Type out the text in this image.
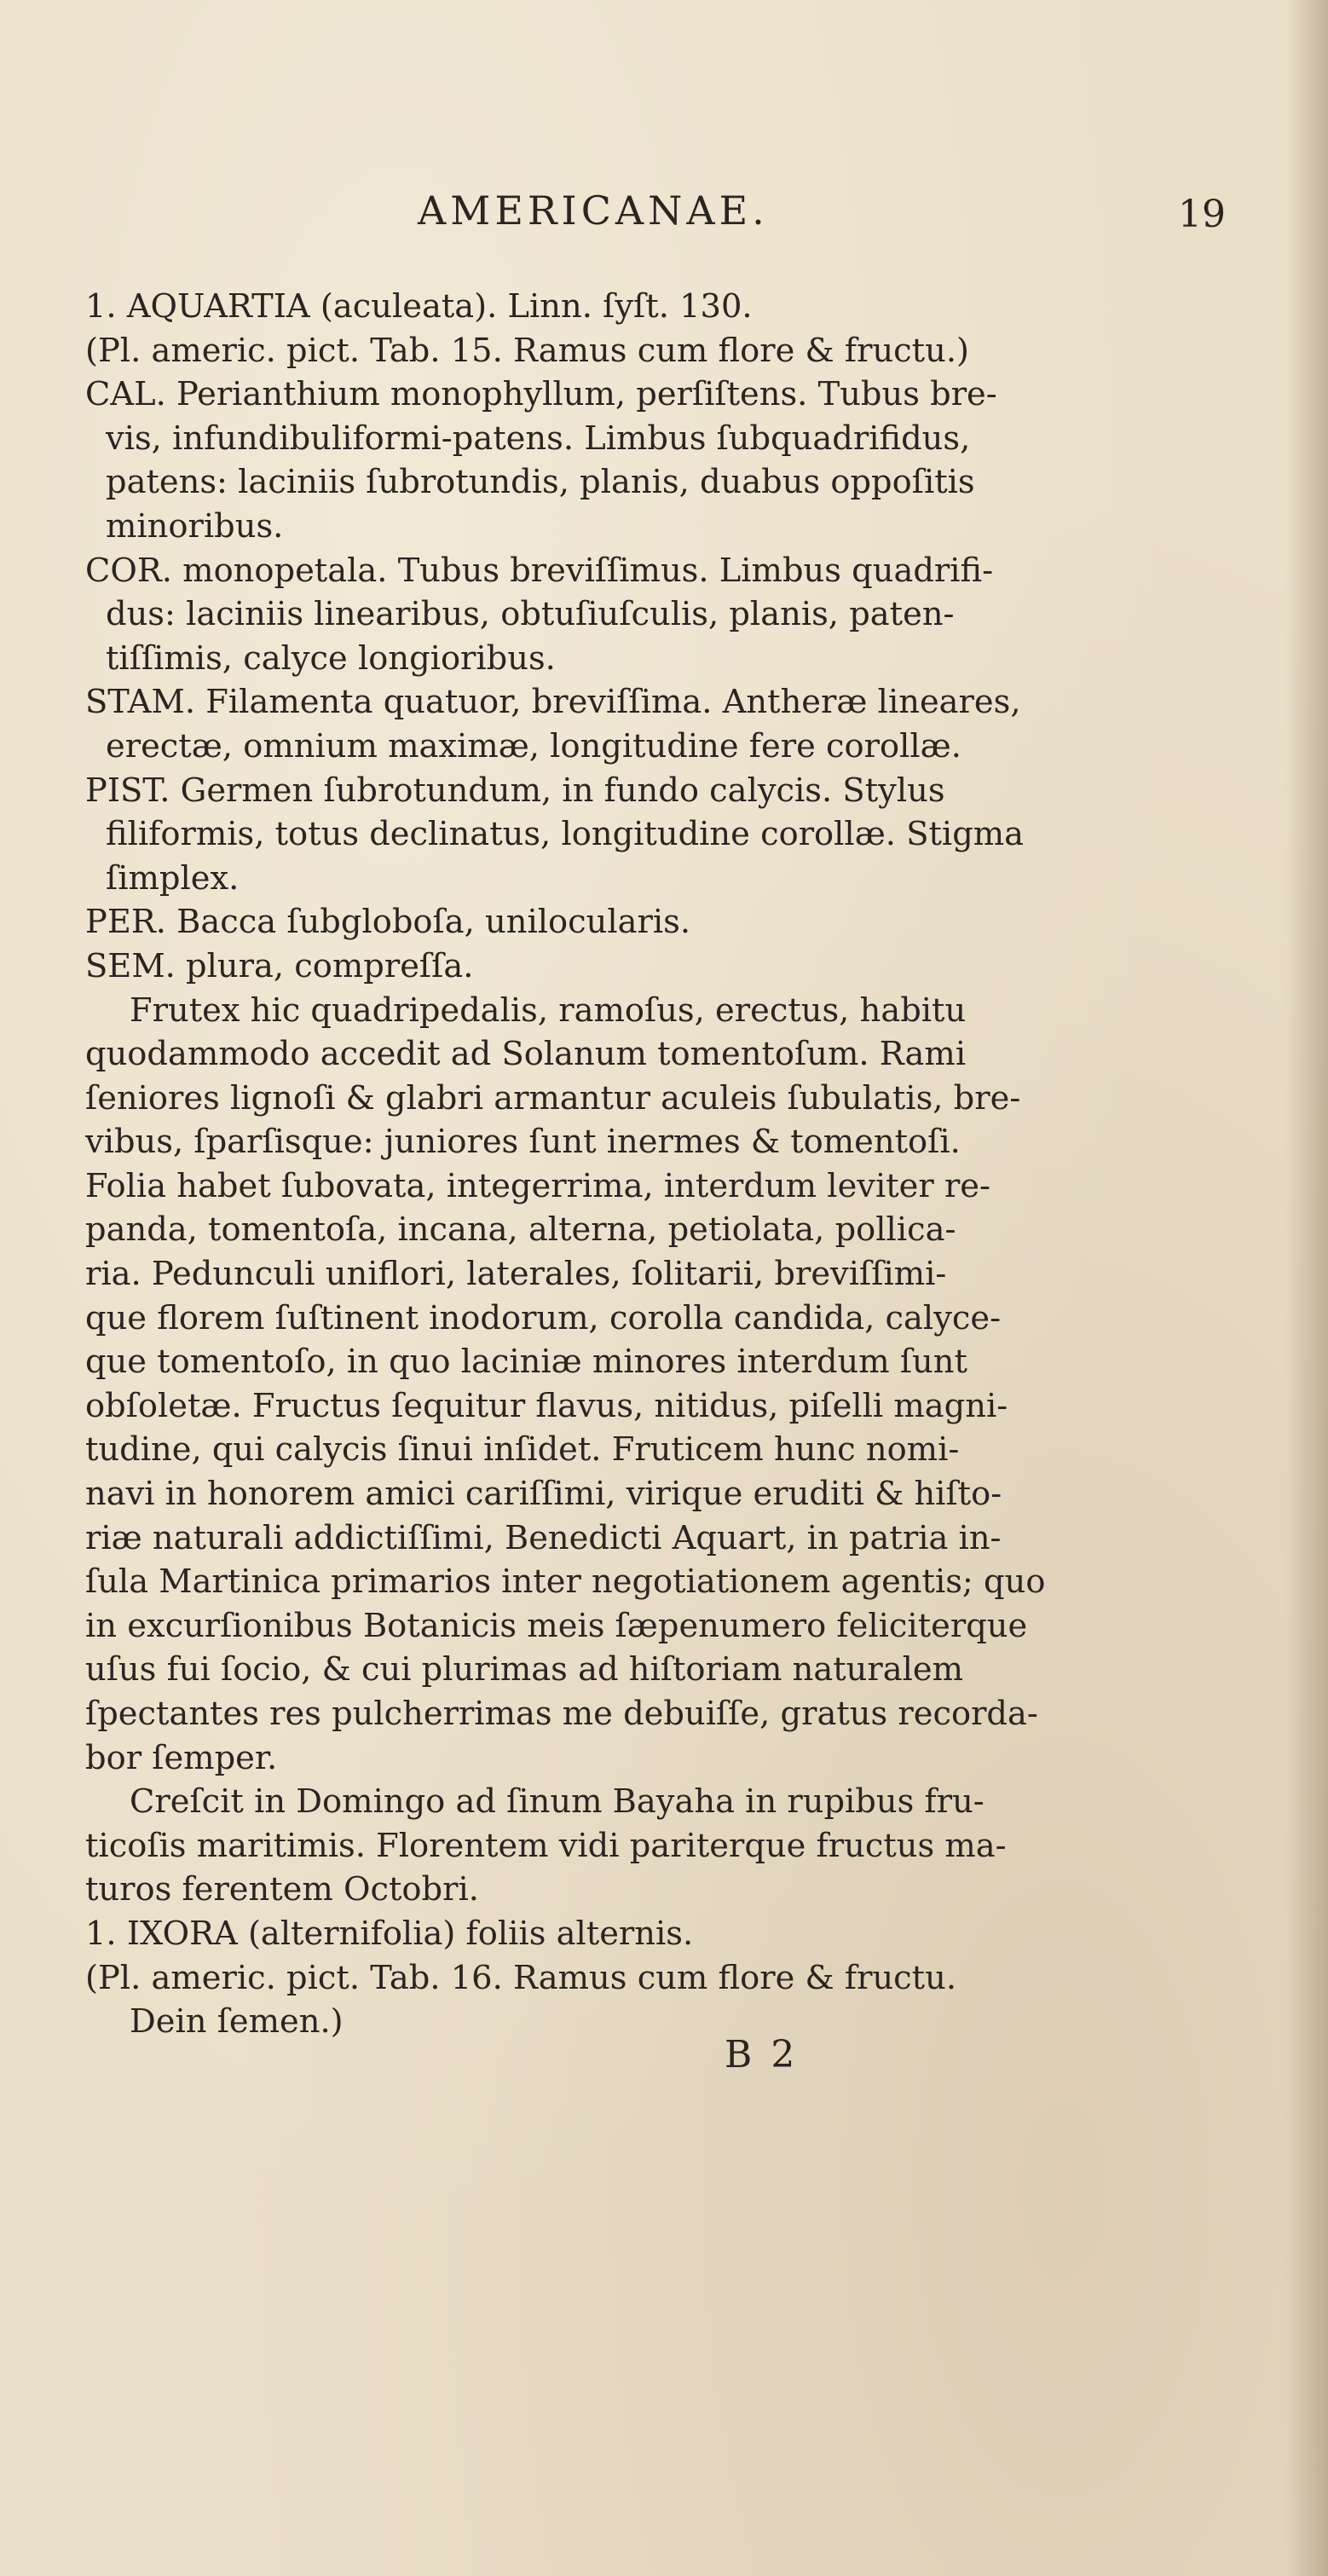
AMERICANAE.	19
1. AQUARTIA (aculeata). Linn. ſyſt. 130.
(Pl. americ. pict. Tab. 15. Ramus cum flore & fructu.)
CAL. Perianthium monophyllum, perſiſtens. Tubus bre-
vis, infundibuliformi-patens. Limbus ſubquadrifidus,
patens: laciniis ſubrotundis, planis, duabus oppoſitis
minoribus.
COR. monopetala. Tubus breviſſimus. Limbus quadrifi-
dus: laciniis linearibus, obtuſiuſculis, planis, paten-
tiſſimis, calyce longioribus.
STAM. Filamenta quatuor, breviſſima. Antheræ lineares,
erectæ, omnium maximæ, longitudine fere corollæ.
PIST. Germen ſubrotundum, in fundo calycis. Stylus
filiformis, totus declinatus, longitudine corollæ. Stigma
ſimplex.
PER. Bacca ſubgloboſa, unilocularis.
SEM. plura, compreſſa.
Frutex hic quadripedalis, ramoſus, erectus, habitu
quodammodo accedit ad Solanum tomentoſum. Rami
ſeniores lignoſi & glabri armantur aculeis ſubulatis, bre-
vibus, ſparſisque: juniores ſunt inermes & tomentoſi.
Folia habet ſubovata, integerrima, interdum leviter re-
panda, tomentoſa, incana, alterna, petiolata, pollica-
ria. Pedunculi uniflori, laterales, ſolitarii, breviſſimi-
que florem ſuſtinent inodorum, corolla candida, calyce-
que tomentoſo, in quo laciniæ minores interdum ſunt
obſoletæ. Fructus ſequitur flavus, nitidus, piſelli magni-
tudine, qui calycis ſinui inſidet. Fruticem hunc nomi-
navi in honorem amici cariſſimi, virique eruditi & hiſto-
riæ naturali addictiſſimi, Benedicti Aquart, in patria in-
ſula Martinica primarios inter negotiationem agentis; quo
in excurſionibus Botanicis meis ſæpenumero feliciterque
uſus fui ſocio, & cui plurimas ad hiſtoriam naturalem
ſpectantes res pulcherrimas me debuiſſe, gratus recorda-
bor ſemper.
Creſcit in Domingo ad ſinum Bayaha in rupibus fru-
ticoſis maritimis. Florentem vidi pariterque fructus ma-
turos ferentem Octobri.
1. IXORA (alternifolia) foliis alternis.
(Pl. americ. pict. Tab. 16. Ramus cum flore & fructu.
Dein ſemen.)
B 2
